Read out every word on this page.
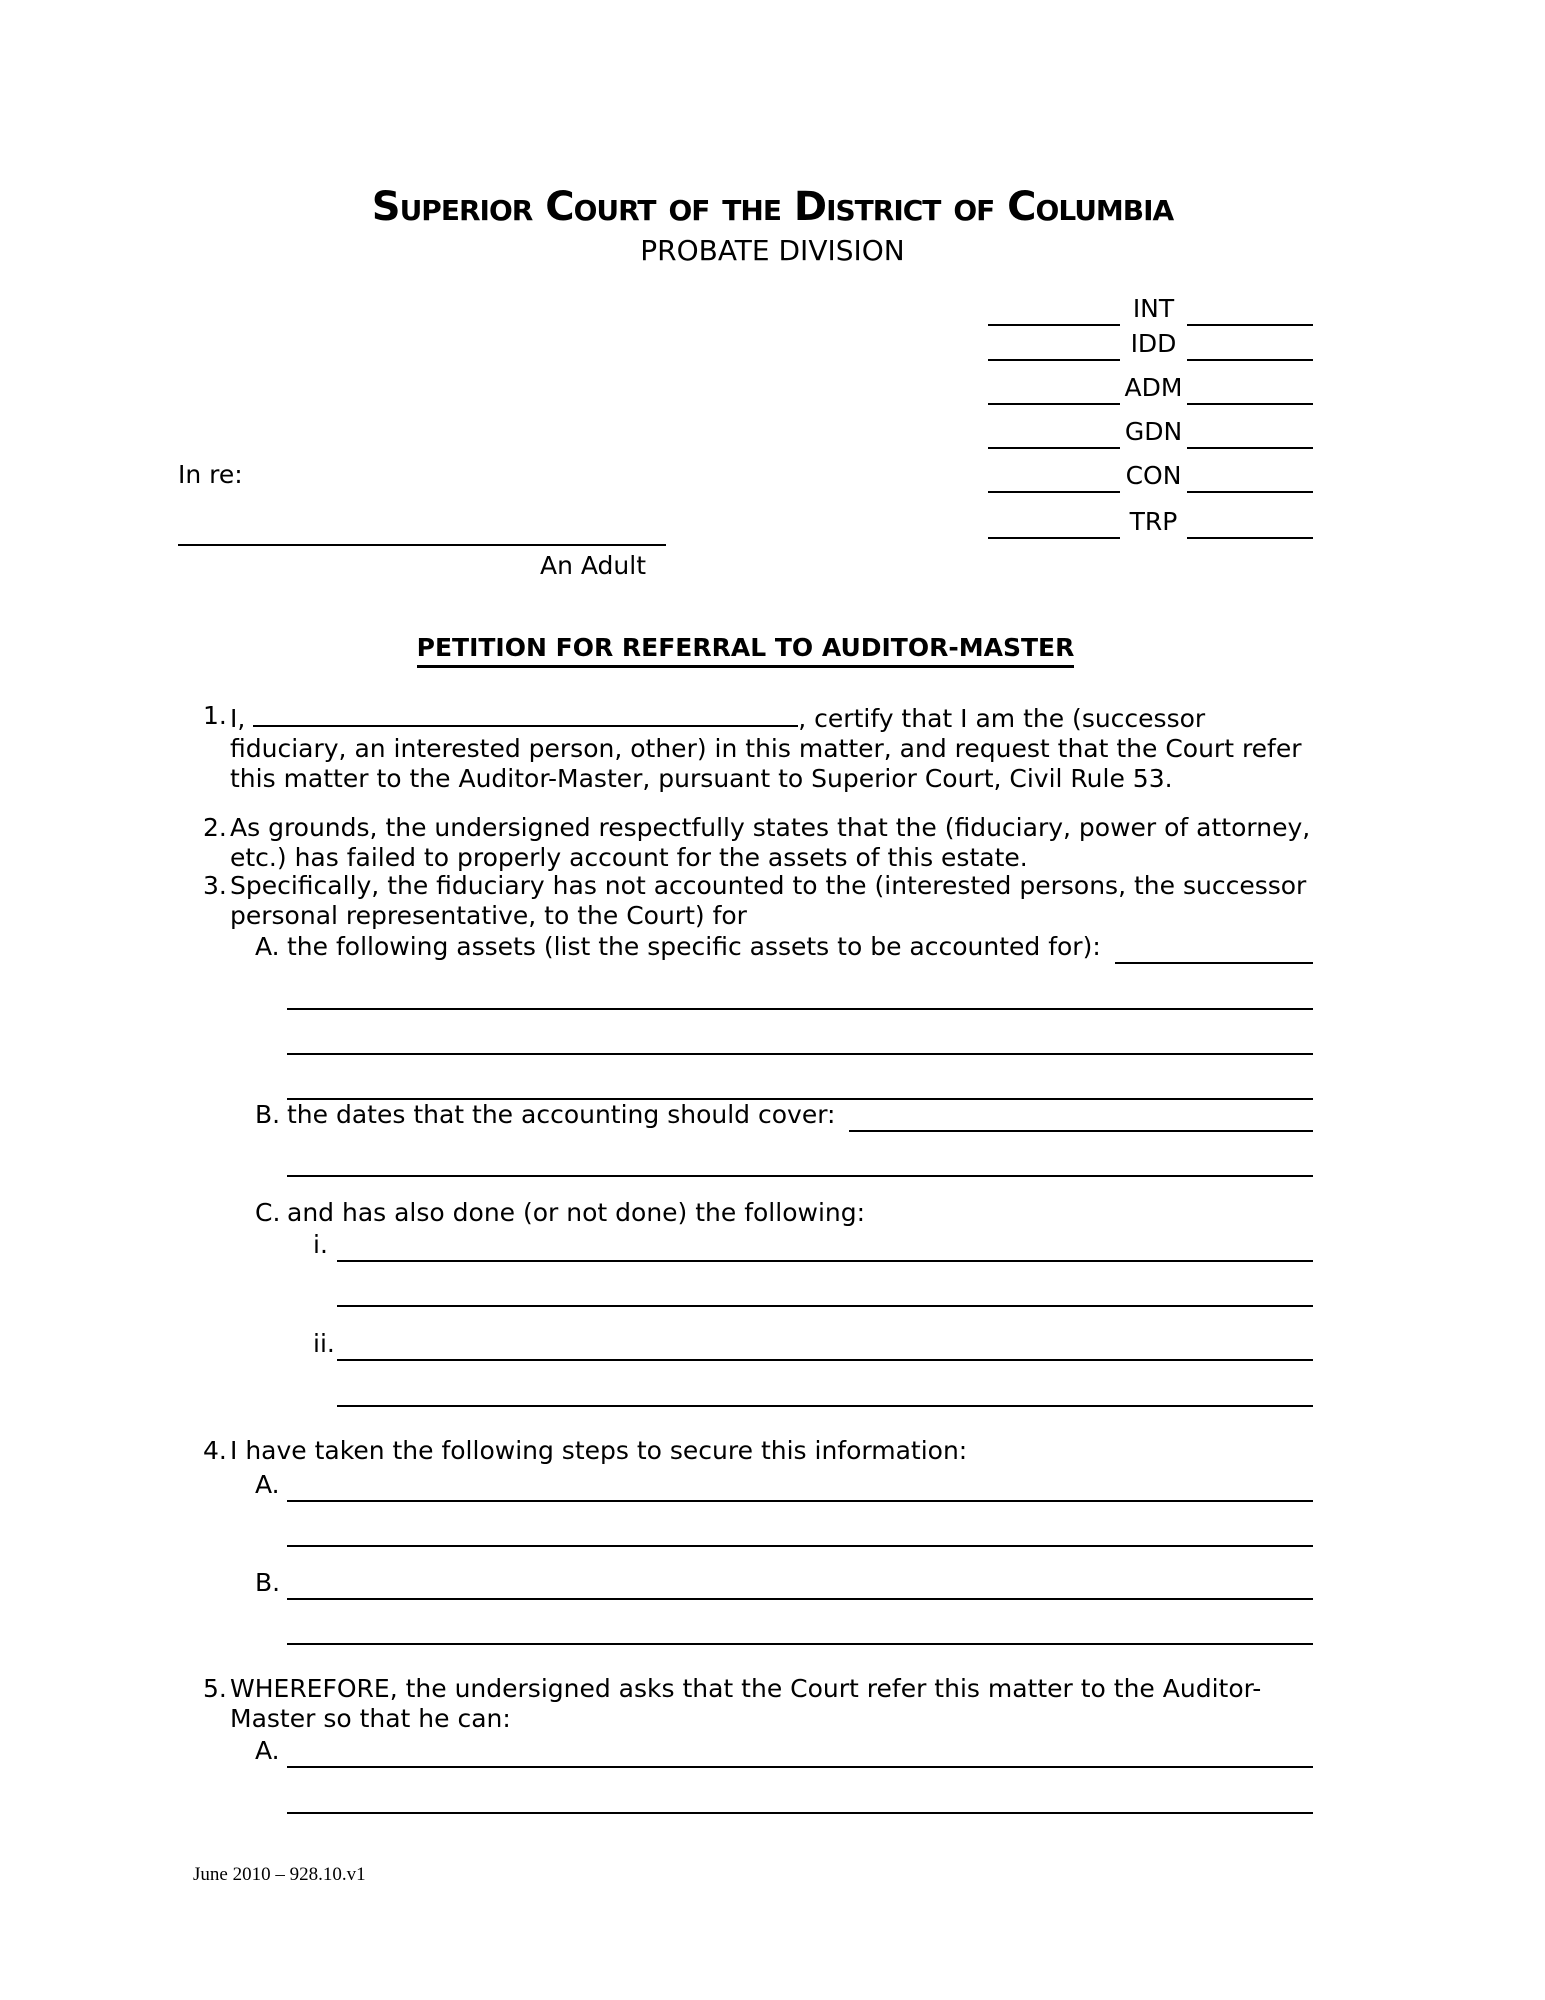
Superior Court of the District of Columbia
PROBATE DIVISION
INT
IDD
ADM
GDN
CON
TRP
In re:
An Adult
PETITION FOR REFERRAL TO AUDITOR-MASTER
1. I,	, certify that I am the (successor fiduciary, an interested person, other) in this matter, and request that the Court refer this matter to the Auditor-Master, pursuant to Superior Court, Civil Rule 53.
2. As grounds, the undersigned respectfully states that the (fiduciary, power of attorney, etc.) has failed to properly account for the assets of this estate.
3. Specifically, the fiduciary has not accounted to the (interested persons, the successor personal representative, to the Court) for
A. the following assets (list the specific assets to be accounted for):
B. the dates that the accounting should cover:
C. and has also done (or not done) the following:
i.
ii.
4. I have taken the following steps to secure this information:
A.
B.
5. WHEREFORE, the undersigned asks that the Court refer this matter to the Auditor-Master so that he can:
A.
June 2010 – 928.10.v1
